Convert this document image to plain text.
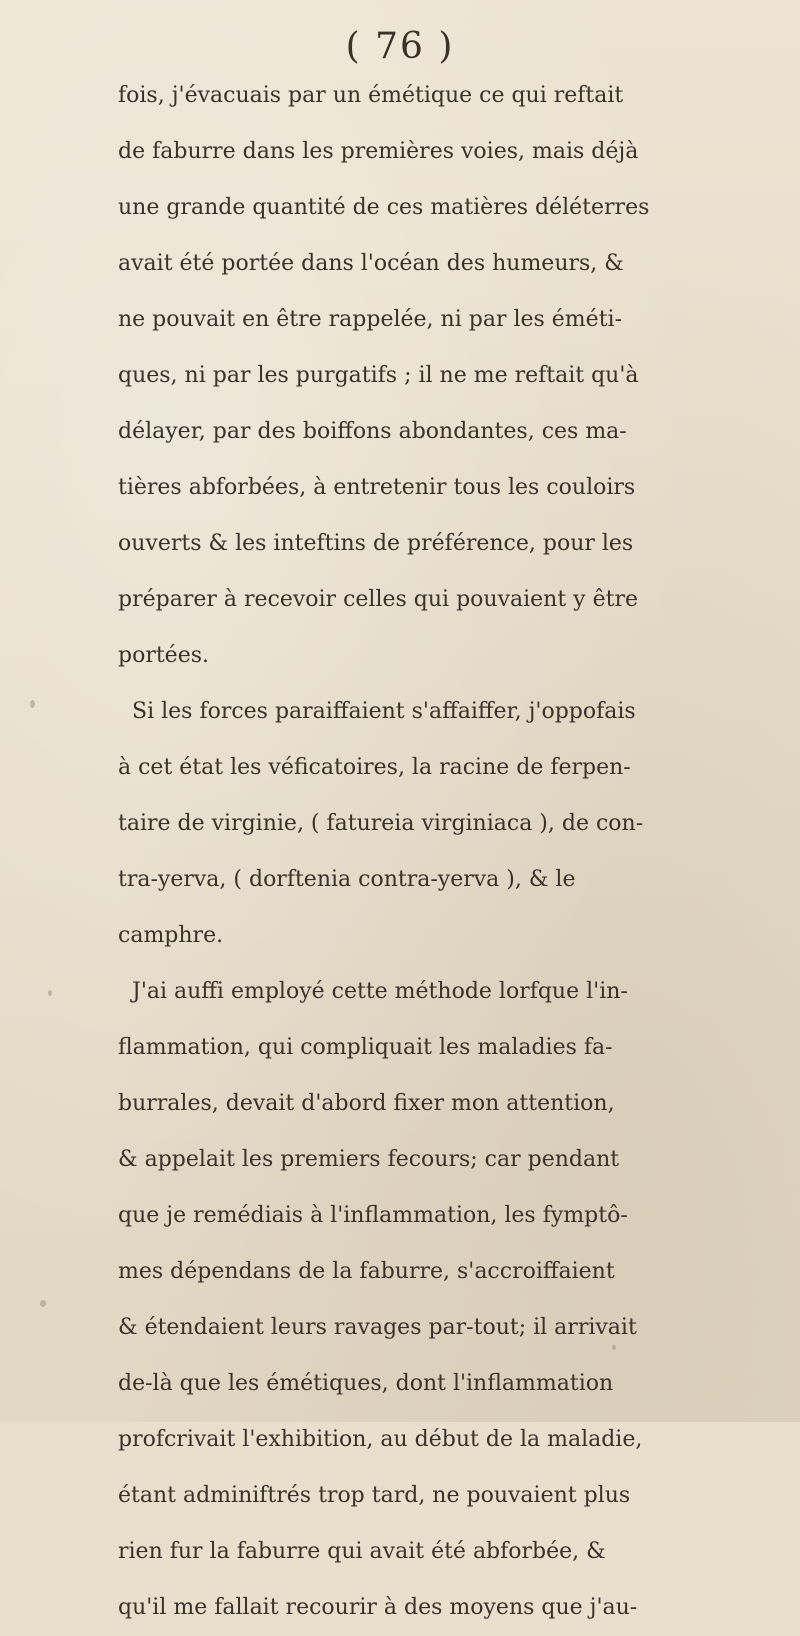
( 76 )
fois, j'évacuais par un émétique ce qui reftait
de faburre dans les premières voies, mais déjà
une grande quantité de ces matières déléterres
avait été portée dans l'océan des humeurs, &
ne pouvait en être rappelée, ni par les éméti-
ques, ni par les purgatifs ; il ne me reftait qu'à
délayer, par des boiffons abondantes, ces ma-
tières abforbées, à entretenir tous les couloirs
ouverts & les inteftins de préférence, pour les
préparer à recevoir celles qui pouvaient y être
portées.
Si les forces paraiffaient s'affaiffer, j'oppofais
à cet état les véficatoires, la racine de ferpen-
taire de virginie, ( fatureia virginiaca ), de con-
tra-yerva, ( dorftenia contra-yerva ), & le
camphre.
J'ai auffi employé cette méthode lorfque l'in-
flammation, qui compliquait les maladies fa-
burrales, devait d'abord fixer mon attention,
& appelait les premiers fecours; car pendant
que je remédiais à l'inflammation, les fymptô-
mes dépendans de la faburre, s'accroiffaient
& étendaient leurs ravages par-tout; il arrivait
de-là que les émétiques, dont l'inflammation
profcrivait l'exhibition, au début de la maladie,
étant adminiftrés trop tard, ne pouvaient plus
rien fur la faburre qui avait été abforbée, &
qu'il me fallait recourir à des moyens que j'au-
